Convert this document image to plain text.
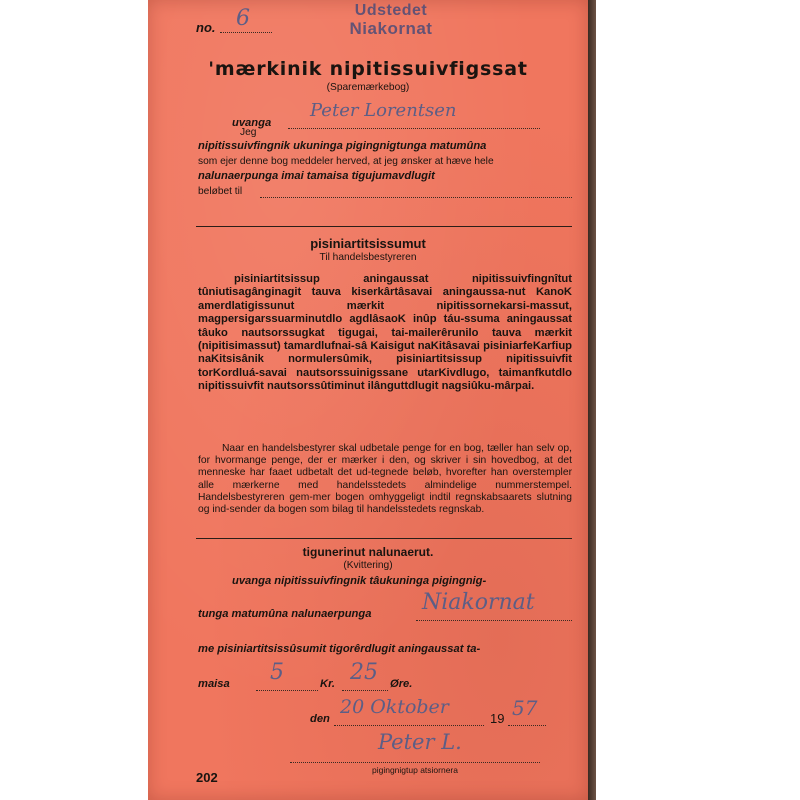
no. 6	Udstedet
Niakornat
'mærkinik nipitissuivfigssat
(Sparemærkebog)
uvanga
Peter Lorentsen
Jeg
nipitissuivfingnik ukuninga pigingnigtunga matumûna
som ejer denne bog meddeler herved, at jeg ønsker at hæve hele
nalunaerpunga imai tamaisa tigujumavdlugit
beløbet til
pisiniartitsissumut
Til handelsbestyreren

pisiniartitsissup aningaussat nipitissuivfingnîtut tûniutisagânginagit tauva kiserkârtâsavai aningaussa-nut KanoK amerdlatigissunut mærkit nipitissornekarsi-massut, magpersigarssuarminutdlo agdlâsaoK inûp táu-ssuma aningaussat tâuko nautsorssugkat tigugai, tai-mailerêrunilo tauva mærkit (nipitisimassut) tamardlufnai-sâ Kaisigut naKitâsavai pisiniarfeKarfiup naKitsisânik normulersûmik, pisiniartitsissup nipitissuivfit torKordluá-savai nautsorssuinigssane utarKivdlugo, taimanfkutdlo nipitissuivfit nautsorssûtiminut ilânguttdlugit nagsiûku-mârpai.

Naar en handelsbestyrer skal udbetale penge for en bog, tæller han selv op, for hvormange penge, der er mærker i den, og skriver i sin hovedbog, at det menneske har faaet udbetalt det ud-tegnede beløb, hvorefter han overstempler alle mærkerne med handelsstedets almindelige nummerstempel. Handelsbestyreren gem-mer bogen omhyggeligt indtil regnskabsaarets slutning og ind-sender da bogen som bilag til handelsstedets regnskab.
tigunerinut nalunaerut.
(Kvittering)
uvanga nipitissuivfingnik tâukuninga pigingnig-
tunga matumûna nalunaerpunga Niakornat
me pisiniartitsissûsumit tigorêrdlugit aningaussat ta-
maisa 5	Kr. 25 Øre.
den
20 Oktober
19 57
Peter L.
pigingnigtup atsiornera
202
